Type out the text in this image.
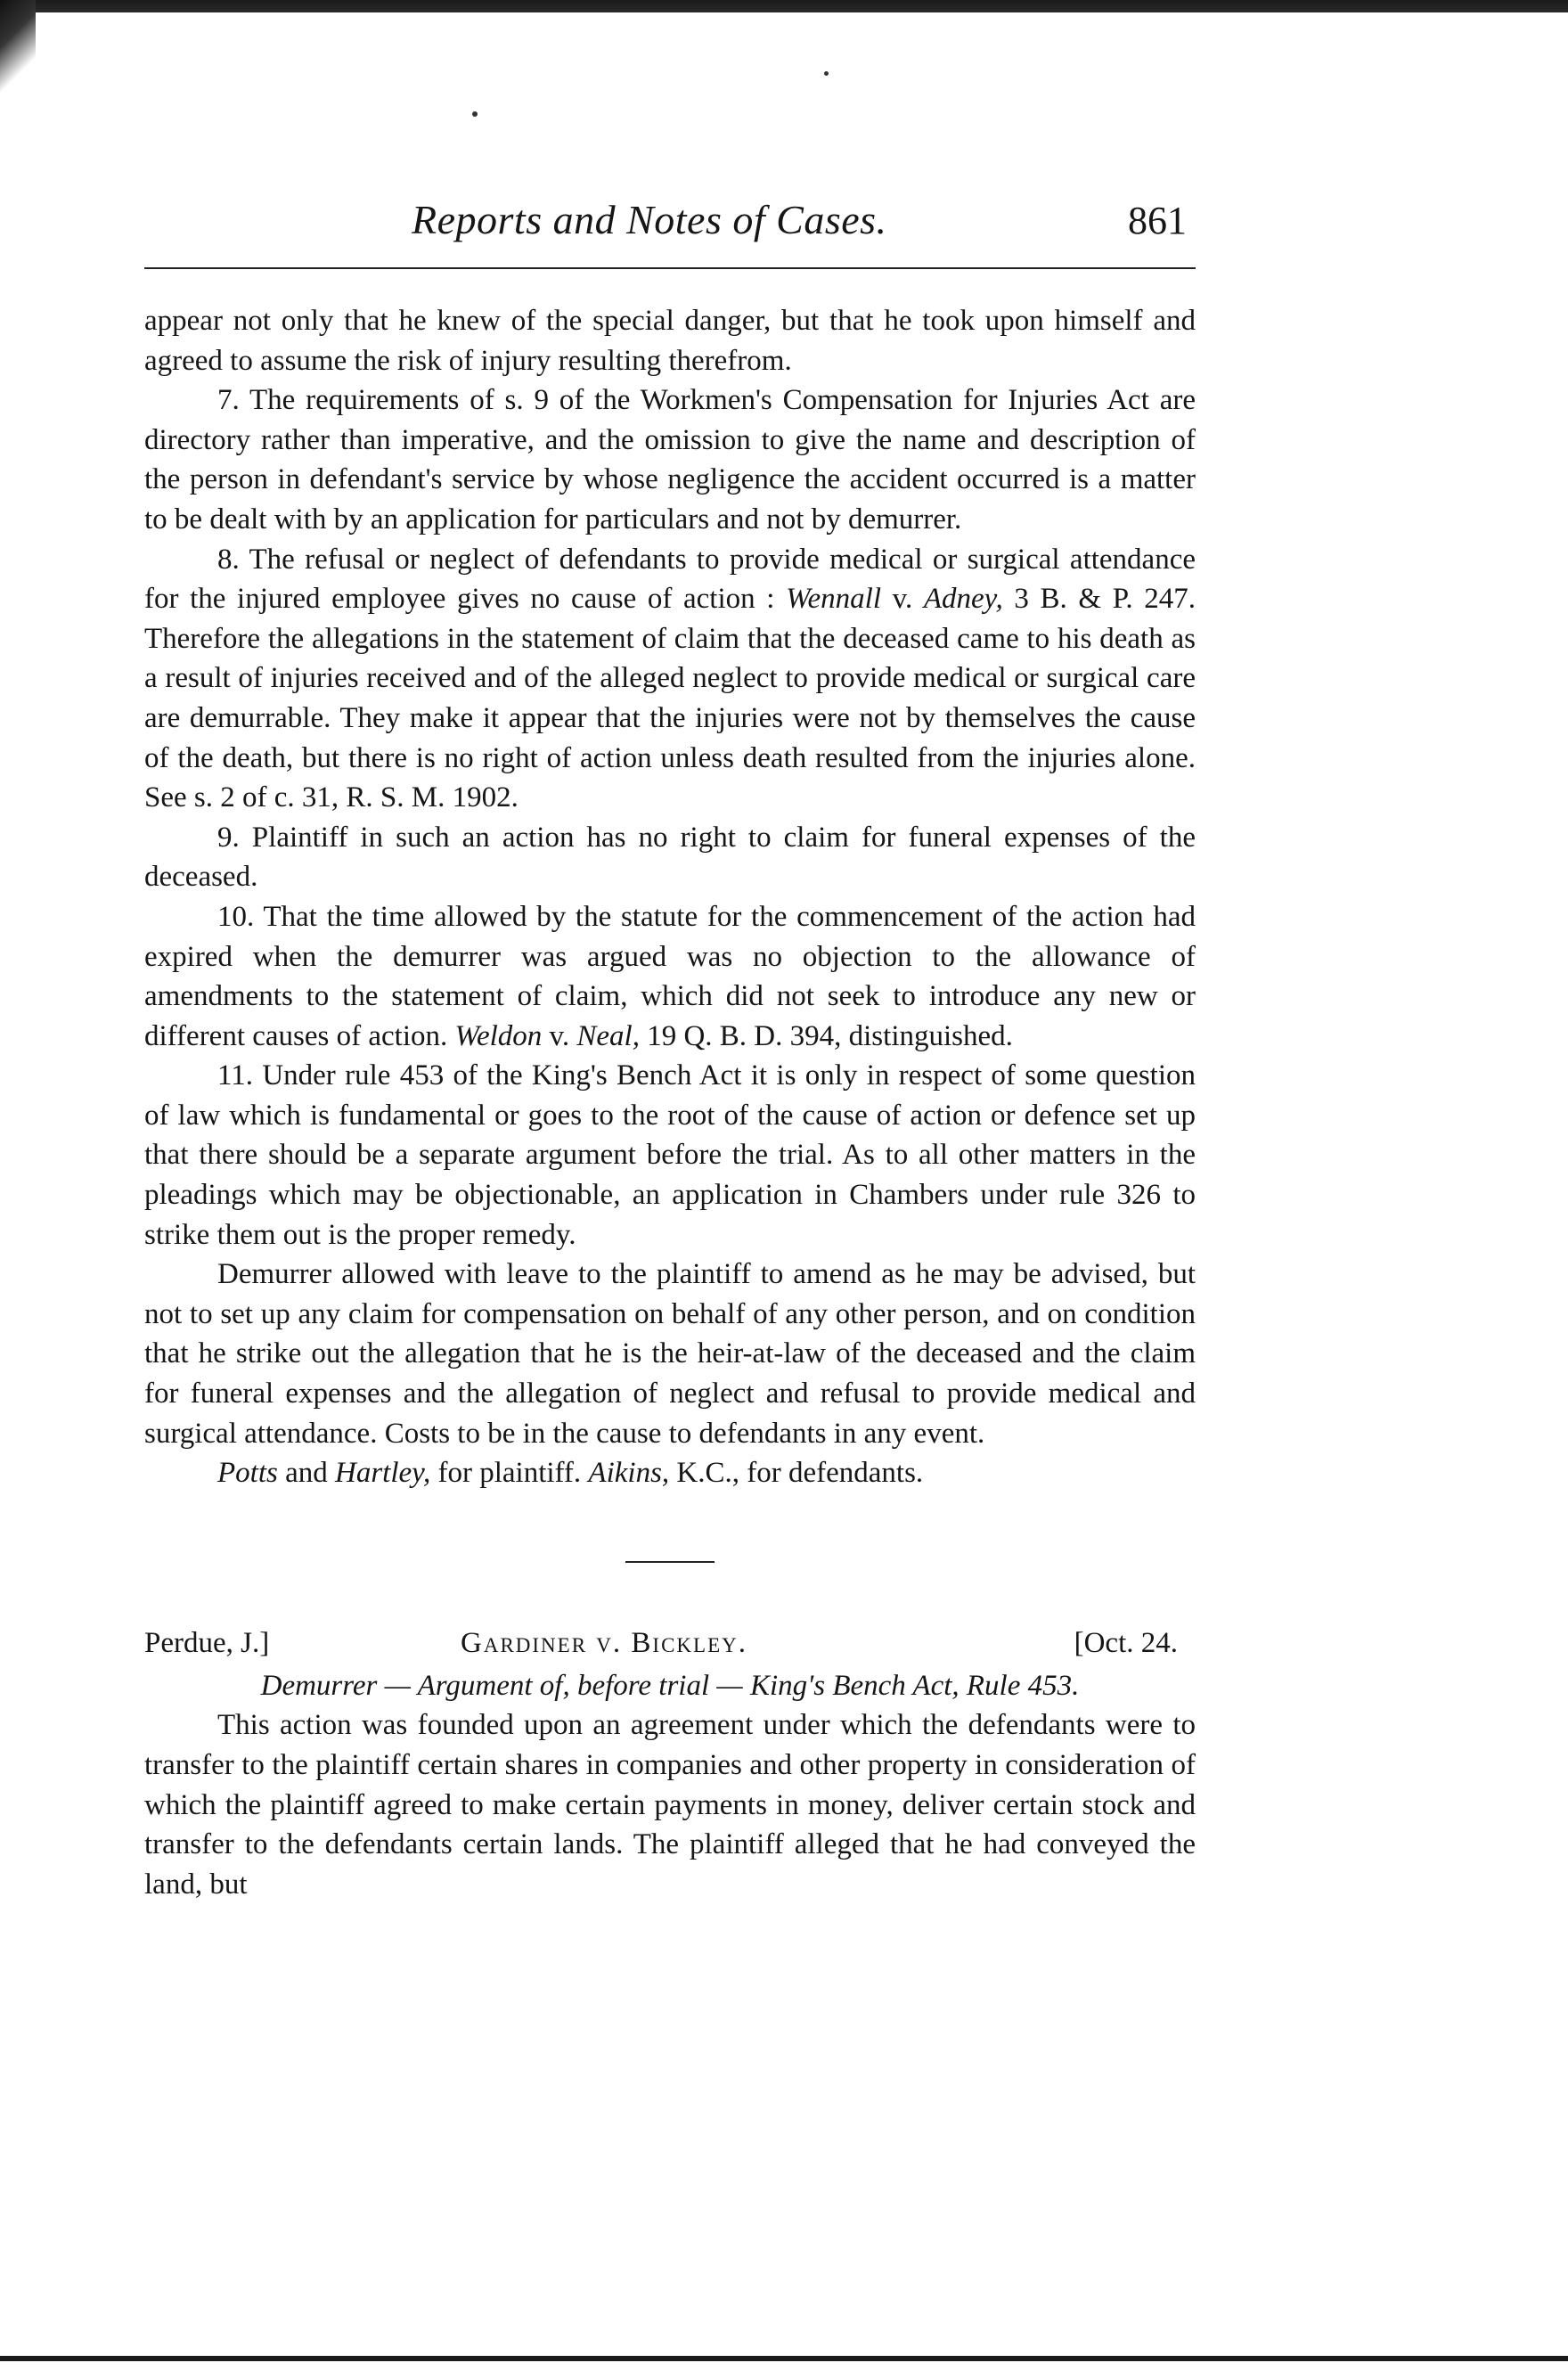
Reports and Notes of Cases.	861

appear not only that he knew of the special danger, but that he took upon himself and agreed to assume the risk of injury resulting therefrom.

7. The requirements of s. 9 of the Workmen's Compensation for Injuries Act are directory rather than imperative, and the omission to give the name and description of the person in defendant's service by whose negligence the accident occurred is a matter to be dealt with by an application for particulars and not by demurrer.

8. The refusal or neglect of defendants to provide medical or surgical attendance for the injured employee gives no cause of action : Wennall v. Adney, 3 B. & P. 247. Therefore the allegations in the statement of claim that the deceased came to his death as a result of injuries received and of the alleged neglect to provide medical or surgical care are demurrable. They make it appear that the injuries were not by themselves the cause of the death, but there is no right of action unless death resulted from the injuries alone. See s. 2 of c. 31, R. S. M. 1902.

9. Plaintiff in such an action has no right to claim for funeral expenses of the deceased.

10. That the time allowed by the statute for the commencement of the action had expired when the demurrer was argued was no objection to the allowance of amendments to the statement of claim, which did not seek to introduce any new or different causes of action. Weldon v. Neal, 19 Q. B. D. 394, distinguished.

11. Under rule 453 of the King's Bench Act it is only in respect of some question of law which is fundamental or goes to the root of the cause of action or defence set up that there should be a separate argument before the trial. As to all other matters in the pleadings which may be objectionable, an application in Chambers under rule 326 to strike them out is the proper remedy.

Demurrer allowed with leave to the plaintiff to amend as he may be advised, but not to set up any claim for compensation on behalf of any other person, and on condition that he strike out the allegation that he is the heir-at-law of the deceased and the claim for funeral expenses and the allegation of neglect and refusal to provide medical and surgical attendance. Costs to be in the cause to defendants in any event.

Potts and Hartley, for plaintiff. Aikins, K.C., for defendants.

Perdue, J.]	Gardiner v. Bickley.	[Oct. 24.

Demurrer — Argument of, before trial — King's Bench Act, Rule 453.

This action was founded upon an agreement under which the defendants were to transfer to the plaintiff certain shares in companies and other property in consideration of which the plaintiff agreed to make certain payments in money, deliver certain stock and transfer to the defendants certain lands. The plaintiff alleged that he had conveyed the land, but
